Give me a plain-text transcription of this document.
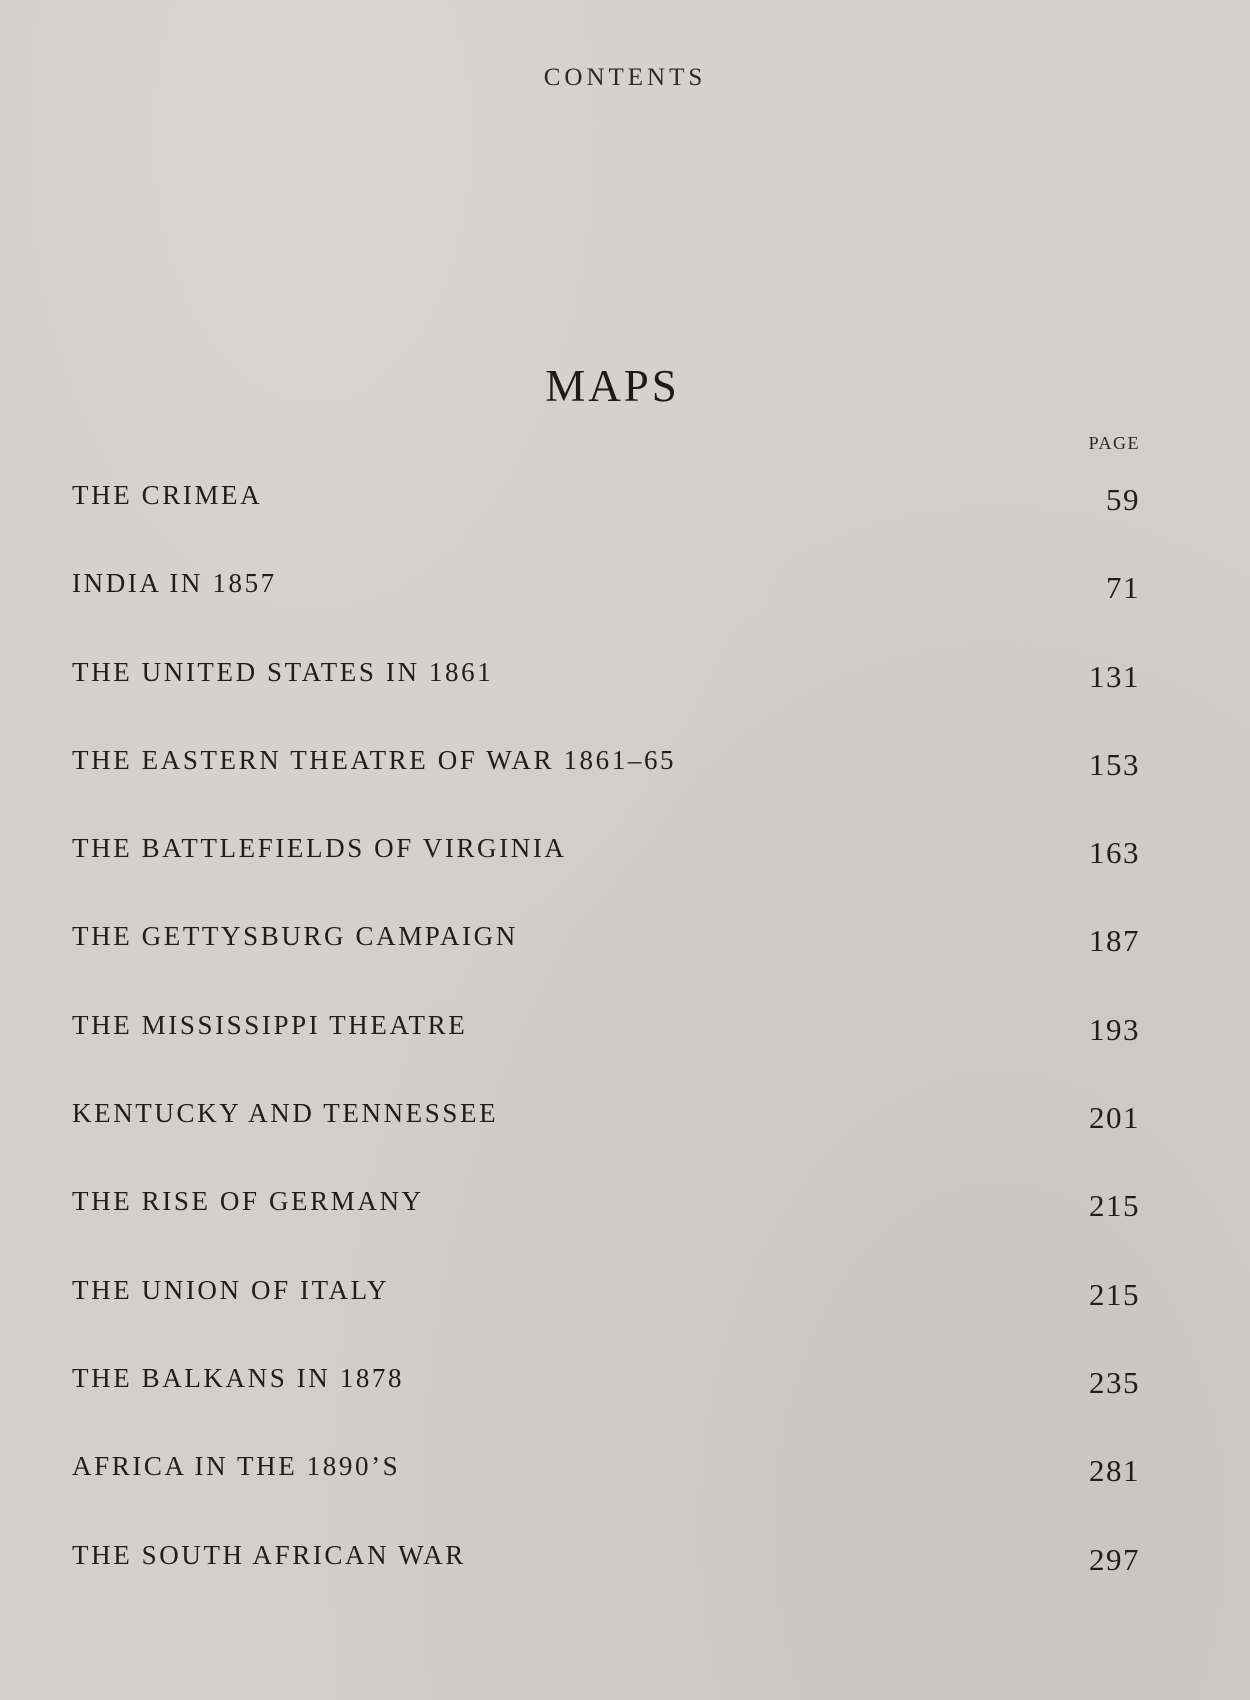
CONTENTS
MAPS
PAGE
THE CRIMEA	59
INDIA IN 1857	71
THE UNITED STATES IN 1861	131
THE EASTERN THEATRE OF WAR 1861–65	153
THE BATTLEFIELDS OF VIRGINIA	163
THE GETTYSBURG CAMPAIGN	187
THE MISSISSIPPI THEATRE	193
KENTUCKY AND TENNESSEE	201
THE RISE OF GERMANY	215
THE UNION OF ITALY	215
THE BALKANS IN 1878	235
AFRICA IN THE 1890’S	281
THE SOUTH AFRICAN WAR	297
